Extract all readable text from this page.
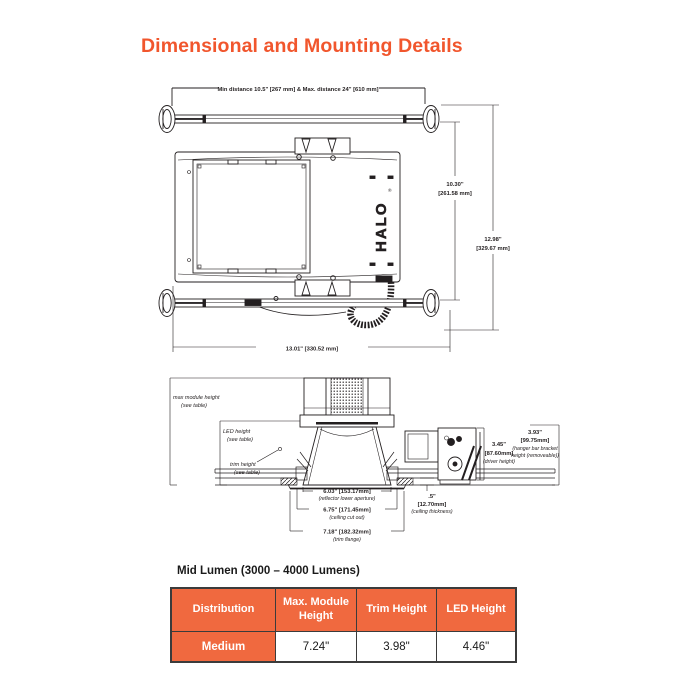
Dimensional and Mounting Details
Min distance 10.5" [267 mm] & Max. distance 24" [610 mm]
HALO
®
10.30"
[261.58 mm]
12.98"
[329.67 mm]
13.01" [330.52 mm]
max module height
(see table)
LED height
(see table)
trim height
(see table)
3.45"
[87.60mm]
(driver height)
3.93"
[99.75mm]
(hanger bar bracket
height (removeable))
.5"
[12.70mm]
(ceiling thickness)
6.03" [153.17mm]
(reflector lower aperture)
6.75" [171.45mm]
(ceiling cut out)
7.18" [182.32mm]
(trim flange)
Mid Lumen (3000 – 4000 Lumens)
Distribution	Max. Module Height	Trim Height	LED Height
Medium	7.24"	3.98"	4.46"
